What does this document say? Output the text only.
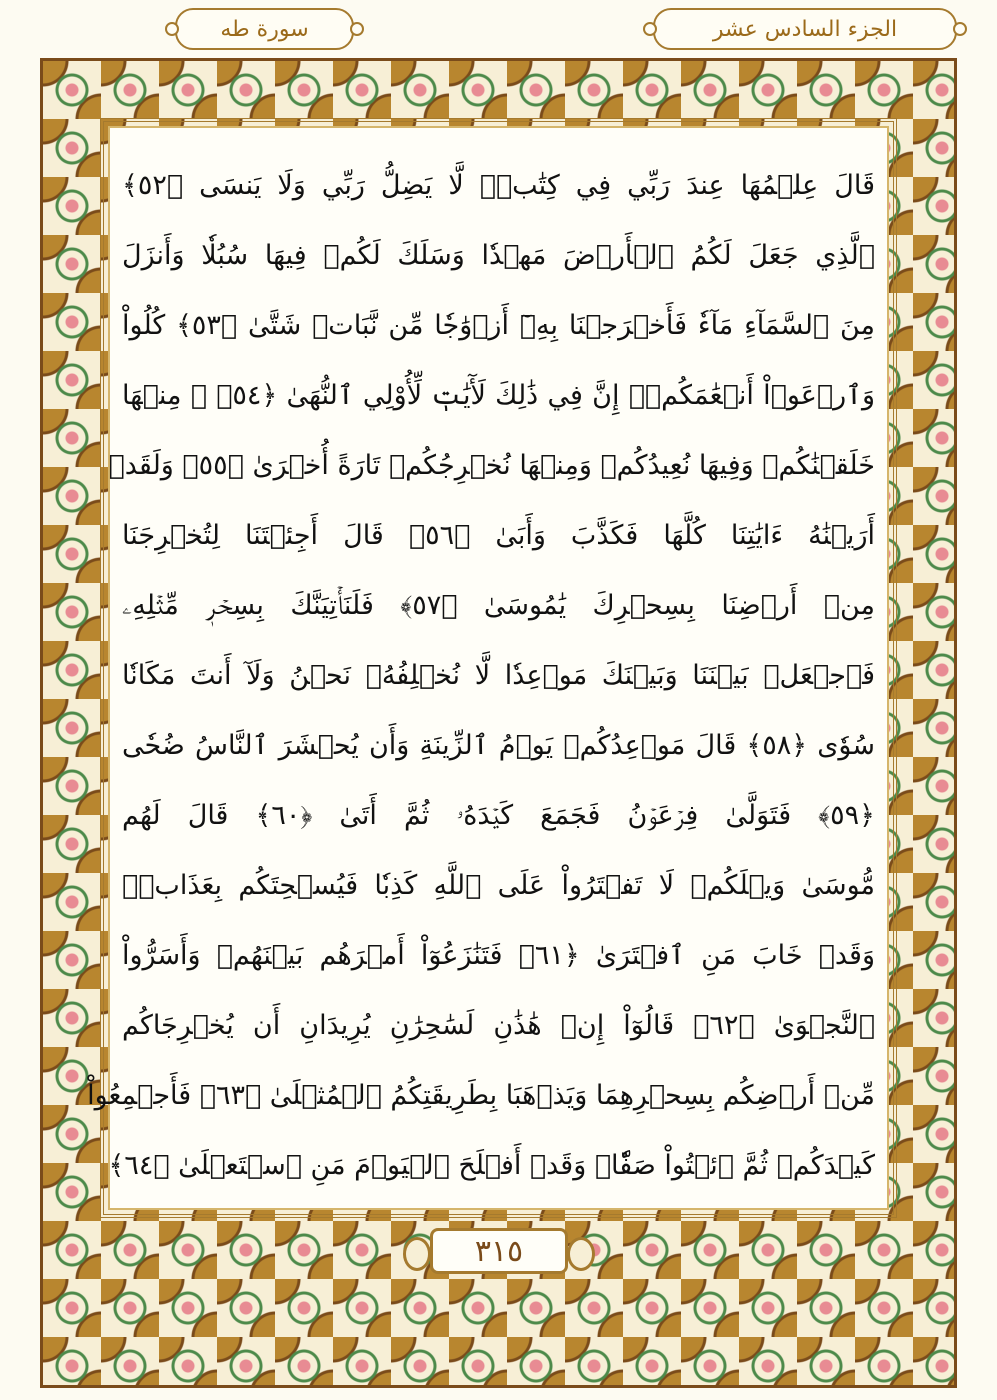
الجزء السادس عشر
سورة طه
قَالَ عِلۡمُهَا عِندَ رَبِّي فِي كِتَٰبٖۖ لَّا يَضِلُّ رَبِّي وَلَا يَنسَى ﴿٥٢﴾
ٱلَّذِي جَعَلَ لَكُمُ ٱلۡأَرۡضَ مَهۡدٗا وَسَلَكَ لَكُمۡ فِيهَا سُبُلٗا وَأَنزَلَ
مِنَ ٱلسَّمَآءِ مَآءٗ فَأَخۡرَجۡنَا بِهِۦٓ أَزۡوَٰجٗا مِّن نَّبَاتٖ شَتَّىٰ ﴿٥٣﴾ كُلُواْ
وَٱرۡعَوۡاْ أَنۡعَٰمَكُمۡۚ إِنَّ فِي ذَٰلِكَ لَأٓيَٰتٖ لِّأُوْلِي ٱلنُّهَىٰ ﴿٥٤﴾ ۞ مِنۡهَا
خَلَقۡنَٰكُمۡ وَفِيهَا نُعِيدُكُمۡ وَمِنۡهَا نُخۡرِجُكُمۡ تَارَةً أُخۡرَىٰ ﴿٥٥﴾ وَلَقَدۡ
أَرَيۡنَٰهُ ءَايَٰتِنَا كُلَّهَا فَكَذَّبَ وَأَبَىٰ ﴿٥٦﴾ قَالَ أَجِئۡتَنَا لِتُخۡرِجَنَا
مِنۡ أَرۡضِنَا بِسِحۡرِكَ يَٰمُوسَىٰ ﴿٥٧﴾ فَلَنَأۡتِيَنَّكَ بِسِحۡرٖ مِّثۡلِهِۦ
فَٱجۡعَلۡ بَيۡنَنَا وَبَيۡنَكَ مَوۡعِدٗا لَّا نُخۡلِفُهُۥ نَحۡنُ وَلَآ أَنتَ مَكَانٗا
سُوٗى ﴿٥٨﴾ قَالَ مَوۡعِدُكُمۡ يَوۡمُ ٱلزِّينَةِ وَأَن يُحۡشَرَ ٱلنَّاسُ ضُحٗى
﴿٥٩﴾ فَتَوَلَّىٰ فِرۡعَوۡنُ فَجَمَعَ كَيۡدَهُۥ ثُمَّ أَتَىٰ ﴿٦٠﴾ قَالَ لَهُم
مُّوسَىٰ وَيۡلَكُمۡ لَا تَفۡتَرُواْ عَلَى ٱللَّهِ كَذِبٗا فَيُسۡحِتَكُم بِعَذَابٖۖ
وَقَدۡ خَابَ مَنِ ٱفۡتَرَىٰ ﴿٦١﴾ فَتَنَٰزَعُوٓاْ أَمۡرَهُم بَيۡنَهُمۡ وَأَسَرُّواْ
ٱلنَّجۡوَىٰ ﴿٦٢﴾ قَالُوٓاْ إِنۡ هَٰذَٰنِ لَسَٰحِرَٰنِ يُرِيدَانِ أَن يُخۡرِجَاكُم
مِّنۡ أَرۡضِكُم بِسِحۡرِهِمَا وَيَذۡهَبَا بِطَرِيقَتِكُمُ ٱلۡمُثۡلَىٰ ﴿٦٣﴾ فَأَجۡمِعُواْ
كَيۡدَكُمۡ ثُمَّ ٱئۡتُواْ صَفّٗاۚ وَقَدۡ أَفۡلَحَ ٱلۡيَوۡمَ مَنِ ٱسۡتَعۡلَىٰ ﴿٦٤﴾
٣١٥
